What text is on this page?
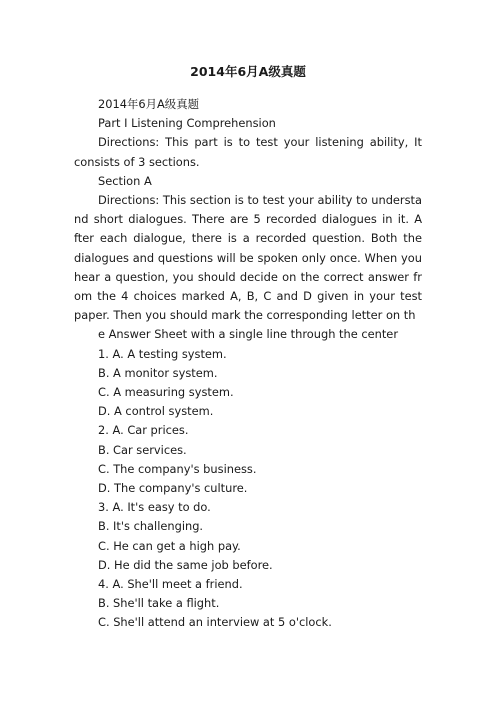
2014年6月A级真题

2014年6月A级真题

Part I Listening Comprehension

Directions: This part is to test your listening ability, It consists of 3 sections.

Section A

Directions: This section is to test your ability to understa nd short dialogues. There are 5 recorded dialogues in it. A fter each dialogue, there is a recorded question. Both the dialogues and questions will be spoken only once. When you hear a question, you should decide on the correct answer fr om the 4 choices marked A, B, C and D given in your test paper. Then you should mark the corresponding letter on th

e Answer Sheet with a single line through the center

1. A. A testing system.

B. A monitor system.

C. A measuring system.

D. A control system.

2. A. Car prices.

B. Car services.

C. The company's business.

D. The company's culture.

3. A. It's easy to do.

B. It's challenging.

C. He can get a high pay.

D. He did the same job before.

4. A. She'll meet a friend.

B. She'll take a flight.

C. She'll attend an interview at 5 o'clock.
